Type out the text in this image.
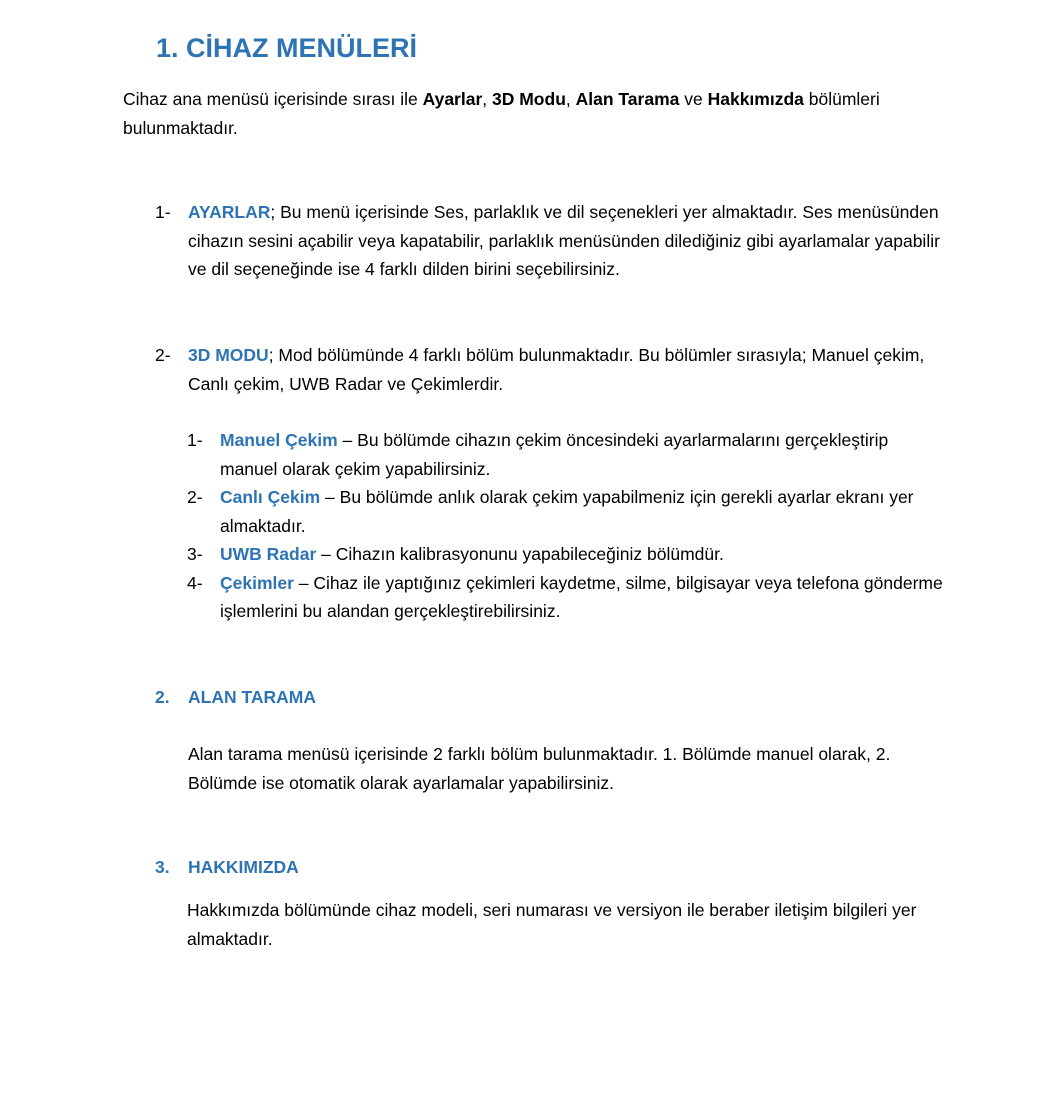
1. CİHAZ MENÜLERİ

Cihaz ana menüsü içerisinde sırası ile Ayarlar, 3D Modu, Alan Tarama ve Hakkımızda bölümleri bulunmaktadır.

1- AYARLAR; Bu menü içerisinde Ses, parlaklık ve dil seçenekleri yer almaktadır. Ses menüsünden cihazın sesini açabilir veya kapatabilir, parlaklık menüsünden dilediğiniz gibi ayarlamalar yapabilir ve dil seçeneğinde ise 4 farklı dilden birini seçebilirsiniz.
2- 3D MODU; Mod bölümünde 4 farklı bölüm bulunmaktadır. Bu bölümler sırasıyla; Manuel çekim, Canlı çekim, UWB Radar ve Çekimlerdir.
1- Manuel Çekim – Bu bölümde cihazın çekim öncesindeki ayarlarmalarını gerçekleştirip manuel olarak çekim yapabilirsiniz.
2- Canlı Çekim – Bu bölümde anlık olarak çekim yapabilmeniz için gerekli ayarlar ekranı yer almaktadır.
3- UWB Radar – Cihazın kalibrasyonunu yapabileceğiniz bölümdür.
4- Çekimler – Cihaz ile yaptığınız çekimleri kaydetme, silme, bilgisayar veya telefona gönderme işlemlerini bu alandan gerçekleştirebilirsiniz.
2.	ALAN TARAMA

Alan tarama menüsü içerisinde 2 farklı bölüm bulunmaktadır. 1. Bölümde manuel olarak, 2. Bölümde ise otomatik olarak ayarlamalar yapabilirsiniz.

3.	HAKKIMIZDA

Hakkımızda bölümünde cihaz modeli, seri numarası ve versiyon ile beraber iletişim bilgileri yer almaktadır.
